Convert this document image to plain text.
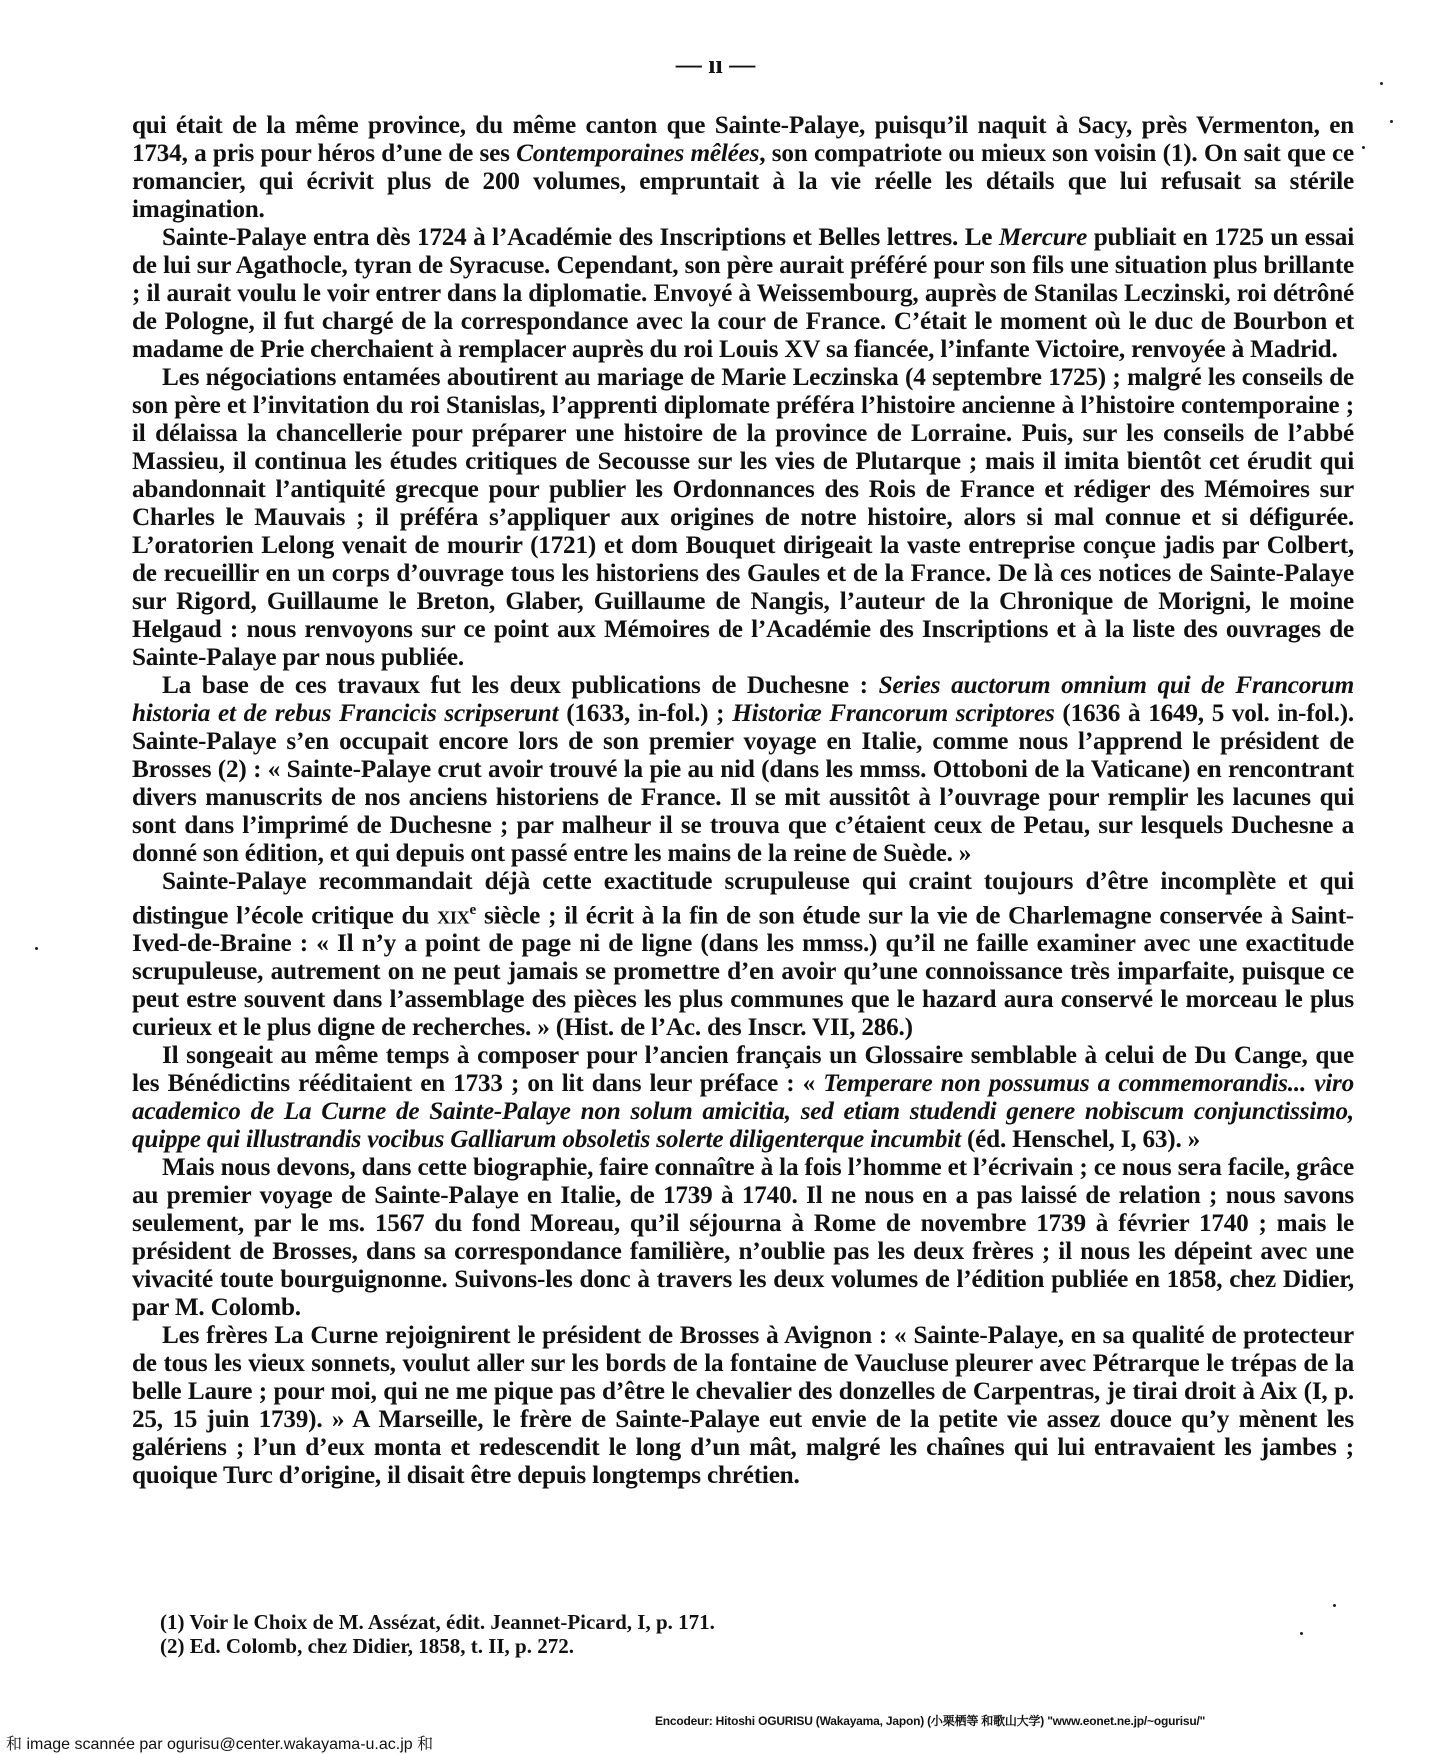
— ıı —

qui était de la même province, du même canton que Sainte-Palaye, puisqu’il naquit à Sacy, près Vermenton, en 1734, a pris pour héros d’une de ses Contemporaines mêlées, son compatriote ou mieux son voisin (1). On sait que ce romancier, qui écrivit plus de 200 volumes, empruntait à la vie réelle les détails que lui refusait sa stérile imagination.

Sainte-Palaye entra dès 1724 à l’Académie des Inscriptions et Belles lettres. Le Mercure publiait en 1725 un essai de lui sur Agathocle, tyran de Syracuse. Cependant, son père aurait préféré pour son fils une situation plus brillante ; il aurait voulu le voir entrer dans la diplomatie. Envoyé à Weissembourg, auprès de Stanilas Leczinski, roi détrôné de Pologne, il fut chargé de la correspondance avec la cour de France. C’était le moment où le duc de Bourbon et madame de Prie cherchaient à remplacer auprès du roi Louis XV sa fiancée, l’infante Victoire, renvoyée à Madrid.

Les négociations entamées aboutirent au mariage de Marie Leczinska (4 septembre 1725) ; malgré les conseils de son père et l’invitation du roi Stanislas, l’apprenti diplomate préféra l’histoire ancienne à l’histoire contemporaine ; il délaissa la chancellerie pour préparer une histoire de la province de Lorraine. Puis, sur les conseils de l’abbé Massieu, il continua les études critiques de Secousse sur les vies de Plutarque ; mais il imita bientôt cet érudit qui abandonnait l’antiquité grecque pour publier les Ordonnances des Rois de France et rédiger des Mémoires sur Charles le Mauvais ; il préféra s’appliquer aux origines de notre histoire, alors si mal connue et si défigurée. L’oratorien Lelong venait de mourir (1721) et dom Bouquet dirigeait la vaste entreprise conçue jadis par Colbert, de recueillir en un corps d’ouvrage tous les historiens des Gaules et de la France. De là ces notices de Sainte-Palaye sur Rigord, Guillaume le Breton, Glaber, Guillaume de Nangis, l’auteur de la Chronique de Morigni, le moine Helgaud : nous renvoyons sur ce point aux Mémoires de l’Académie des Inscriptions et à la liste des ouvrages de Sainte-Palaye par nous publiée.

La base de ces travaux fut les deux publications de Duchesne : Series auctorum omnium qui de Francorum historia et de rebus Francicis scripserunt (1633, in-fol.) ; Historiæ Francorum scriptores (1636 à 1649, 5 vol. in-fol.). Sainte-Palaye s’en occupait encore lors de son premier voyage en Italie, comme nous l’apprend le président de Brosses (2) : « Sainte-Palaye crut avoir trouvé la pie au nid (dans les mmss. Ottoboni de la Vaticane) en rencontrant divers manuscrits de nos anciens historiens de France. Il se mit aussitôt à l’ouvrage pour remplir les lacunes qui sont dans l’imprimé de Duchesne ; par malheur il se trouva que c’étaient ceux de Petau, sur lesquels Duchesne a donné son édition, et qui depuis ont passé entre les mains de la reine de Suède. »

Sainte-Palaye recommandait déjà cette exactitude scrupuleuse qui craint toujours d’être incomplète et qui distingue l’école critique du xix$^e$ siècle ; il écrit à la fin de son étude sur la vie de Charlemagne conservée à Saint-Ived-de-Braine : « Il n’y a point de page ni de ligne (dans les mmss.) qu’il ne faille examiner avec une exactitude scrupuleuse, autrement on ne peut jamais se promettre d’en avoir qu’une connoissance très imparfaite, puisque ce peut estre souvent dans l’assemblage des pièces les plus communes que le hazard aura conservé le morceau le plus curieux et le plus digne de recherches. » (Hist. de l’Ac. des Inscr. VII, 286.)

Il songeait au même temps à composer pour l’ancien français un Glossaire semblable à celui de Du Cange, que les Bénédictins rééditaient en 1733 ; on lit dans leur préface : « Temperare non possumus a commemorandis... viro academico de La Curne de Sainte-Palaye non solum amicitia, sed etiam studendi genere nobiscum conjunctissimo, quippe qui illustrandis vocibus Galliarum obsoletis solerte diligenterque incumbit (éd. Henschel, I, 63). »

Mais nous devons, dans cette biographie, faire connaître à la fois l’homme et l’écrivain ; ce nous sera facile, grâce au premier voyage de Sainte-Palaye en Italie, de 1739 à 1740. Il ne nous en a pas laissé de relation ; nous savons seulement, par le ms. 1567 du fond Moreau, qu’il séjourna à Rome de novembre 1739 à février 1740 ; mais le président de Brosses, dans sa correspondance familière, n’oublie pas les deux frères ; il nous les dépeint avec une vivacité toute bourguignonne. Suivons-les donc à travers les deux volumes de l’édition publiée en 1858, chez Didier, par M. Colomb.

Les frères La Curne rejoignirent le président de Brosses à Avignon : « Sainte-Palaye, en sa qualité de protecteur de tous les vieux sonnets, voulut aller sur les bords de la fontaine de Vaucluse pleurer avec Pétrarque le trépas de la belle Laure ; pour moi, qui ne me pique pas d’être le chevalier des donzelles de Carpentras, je tirai droit à Aix (I, p. 25, 15 juin 1739). » A Marseille, le frère de Sainte-Palaye eut envie de la petite vie assez douce qu’y mènent les galériens ; l’un d’eux monta et redescendit le long d’un mât, malgré les chaînes qui lui entravaient les jambes ; quoique Turc d’origine, il disait être depuis longtemps chrétien.

(1) Voir le Choix de M. Assézat, édit. Jeannet-Picard, I, p. 171.
(2) Ed. Colomb, chez Didier, 1858, t. II, p. 272.
Encodeur: Hitoshi OGURISU (Wakayama, Japon) (小栗栖等 和歌山大学) "www.eonet.ne.jp/~ogurisu/"
和 image scannée par ogurisu@center.wakayama-u.ac.jp 和
